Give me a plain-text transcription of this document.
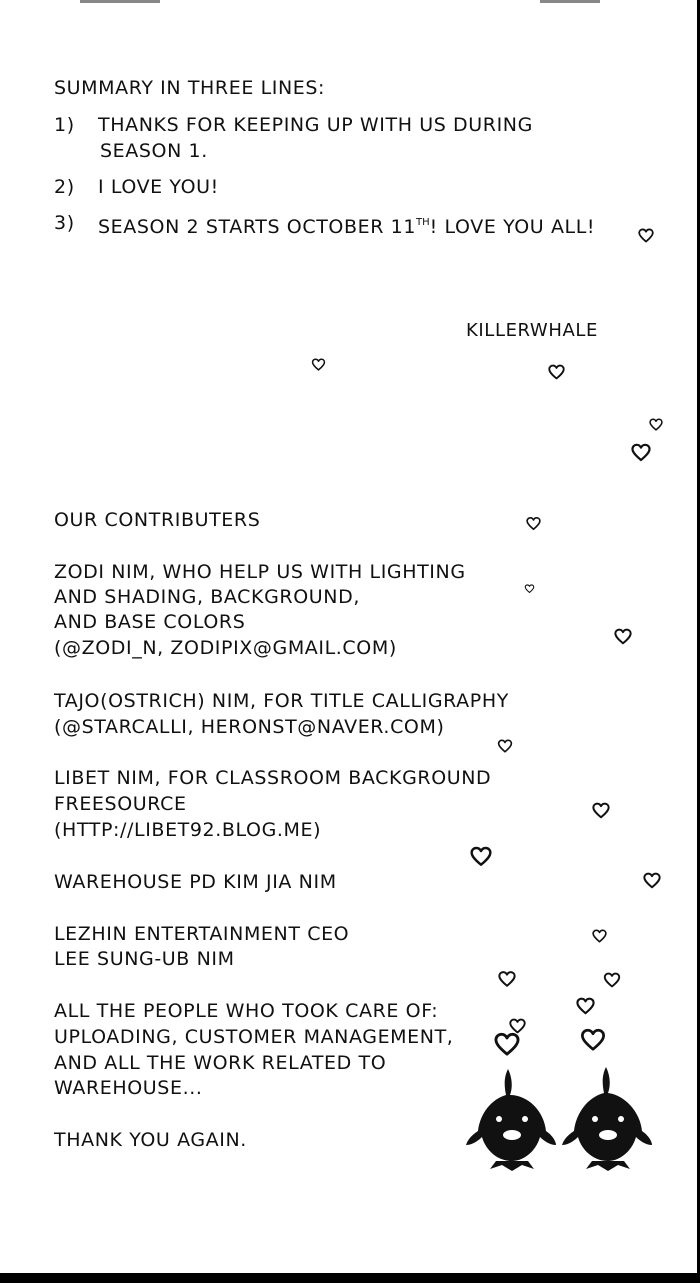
SUMMARY IN THREE LINES:
1) THANKS FOR KEEPING UP WITH US DURING
SEASON 1.
2) I LOVE YOU!
3) SEASON 2 STARTS OCTOBER 11TH! LOVE YOU ALL!
KILLERWHALE
OUR CONTRIBUTERS
ZODI NIM, WHO HELP US WITH LIGHTING
AND SHADING, BACKGROUND,
AND BASE COLORS
(@ZODI_N, ZODIPIX@GMAIL.COM)
TAJO(OSTRICH) NIM, FOR TITLE CALLIGRAPHY
(@STARCALLI, HERONST@NAVER.COM)
LIBET NIM, FOR CLASSROOM BACKGROUND
FREESOURCE
(HTTP://LIBET92.BLOG.ME)
WAREHOUSE PD KIM JIA NIM
LEZHIN ENTERTAINMENT CEO
LEE SUNG-UB NIM
ALL THE PEOPLE WHO TOOK CARE OF:
UPLOADING, CUSTOMER MANAGEMENT,
AND ALL THE WORK RELATED TO
WAREHOUSE...
THANK YOU AGAIN.
